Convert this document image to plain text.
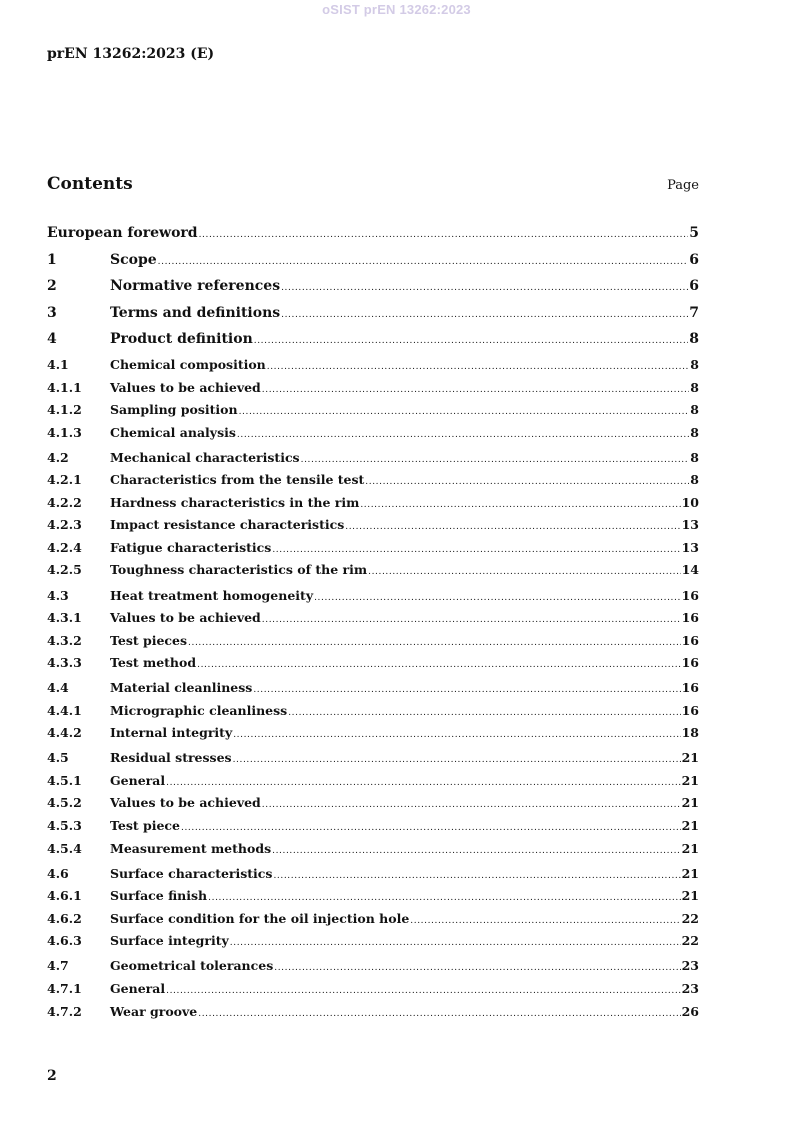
oSIST prEN 13262:2023
prEN 13262:2023 (E)
Contents	Page
European foreword .....	5
1	Scope .....	6
2	Normative references .....	6
3	Terms and definitions .....	7
4	Product definition .....	8
4.1	Chemical composition .....	8
4.1.1	Values to be achieved .....	8
4.1.2	Sampling position .....	8
4.1.3	Chemical analysis .....	8
4.2	Mechanical characteristics .....	8
4.2.1	Characteristics from the tensile test .....	8
4.2.2	Hardness characteristics in the rim .....	10
4.2.3	Impact resistance characteristics .....	13
4.2.4	Fatigue characteristics .....	13
4.2.5	Toughness characteristics of the rim .....	14
4.3	Heat treatment homogeneity .....	16
4.3.1	Values to be achieved .....	16
4.3.2	Test pieces .....	16
4.3.3	Test method .....	16
4.4	Material cleanliness .....	16
4.4.1	Micrographic cleanliness .....	16
4.4.2	Internal integrity .....	18
4.5	Residual stresses .....	21
4.5.1	General .....	21
4.5.2	Values to be achieved .....	21
4.5.3	Test piece .....	21
4.5.4	Measurement methods .....	21
4.6	Surface characteristics .....	21
4.6.1	Surface finish .....	21
4.6.2	Surface condition for the oil injection hole .....	22
4.6.3	Surface integrity .....	22
4.7	Geometrical tolerances .....	23
4.7.1	General .....	23
4.7.2	Wear groove .....	26
2
